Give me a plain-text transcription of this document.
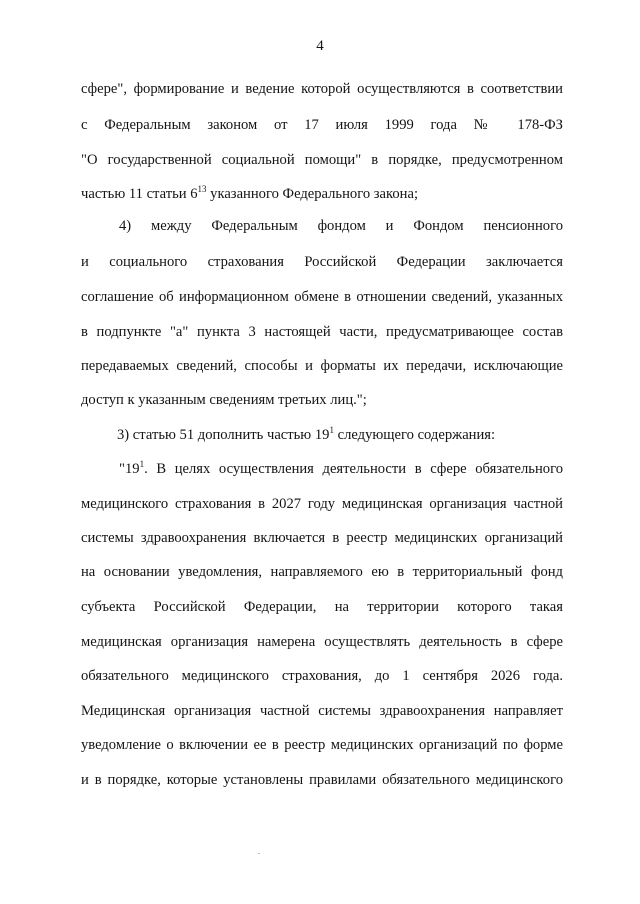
4
сфере", формирование и ведение которой осуществляются в соответствии
с Федеральным законом от 17 июля 1999 года № 178-ФЗ
"О государственной социальной помощи" в порядке, предусмотренном
частью 11 статьи $6^{13}$ указанного Федерального закона;
4) между Федеральным фондом и Фондом пенсионного
и социального страхования Российской Федерации заключается
соглашение об информационном обмене в отношении сведений, указанных
в подпункте "а" пункта 3 настоящей части, предусматривающее состав
передаваемых сведений, способы и форматы их передачи, исключающие
доступ к указанным сведениям третьих лиц.";
3) статью 51 дополнить частью $19^1$ следующего содержания:
"$19^1$. В целях осуществления деятельности в сфере обязательного
медицинского страхования в 2027 году медицинская организация частной
системы здравоохранения включается в реестр медицинских организаций
на основании уведомления, направляемого ею в территориальный фонд
субъекта Российской Федерации, на территории которого такая
медицинская организация намерена осуществлять деятельность в сфере
обязательного медицинского страхования, до 1 сентября 2026 года.
Медицинская организация частной системы здравоохранения направляет
уведомление о включении ее в реестр медицинских организаций по форме
и в порядке, которые установлены правилами обязательного медицинского
